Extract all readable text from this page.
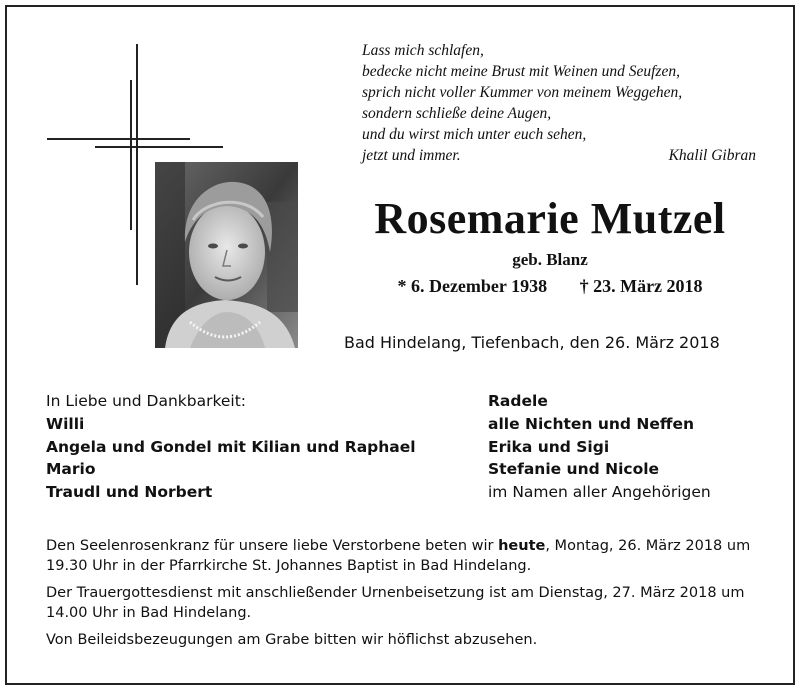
Lass mich schlafen,
bedecke nicht meine Brust mit Weinen und Seufzen,
sprich nicht voller Kummer von meinem Weggehen,
sondern schließe deine Augen,
und du wirst mich unter euch sehen,
jetzt und immer.	Khalil Gibran
Rosemarie Mutzel
geb. Blanz
* 6. Dezember 1938 † 23. März 2018
Bad Hindelang, Tiefenbach, den 26. März 2018
In Liebe und Dankbarkeit:
Willi
Angela und Gondel mit Kilian und Raphael
Mario
Traudl und Norbert
Radele
alle Nichten und Neffen
Erika und Sigi
Stefanie und Nicole
im Namen aller Angehörigen

Den Seelenrosenkranz für unsere liebe Verstorbene beten wir heute, Montag, 26. März 2018 um 19.30 Uhr in der Pfarrkirche St. Johannes Baptist in Bad Hindelang.

Der Trauergottesdienst mit anschließender Urnenbeisetzung ist am Dienstag, 27. März 2018 um 14.00 Uhr in Bad Hindelang.

Von Beileidsbezeugungen am Grabe bitten wir höflichst abzusehen.
